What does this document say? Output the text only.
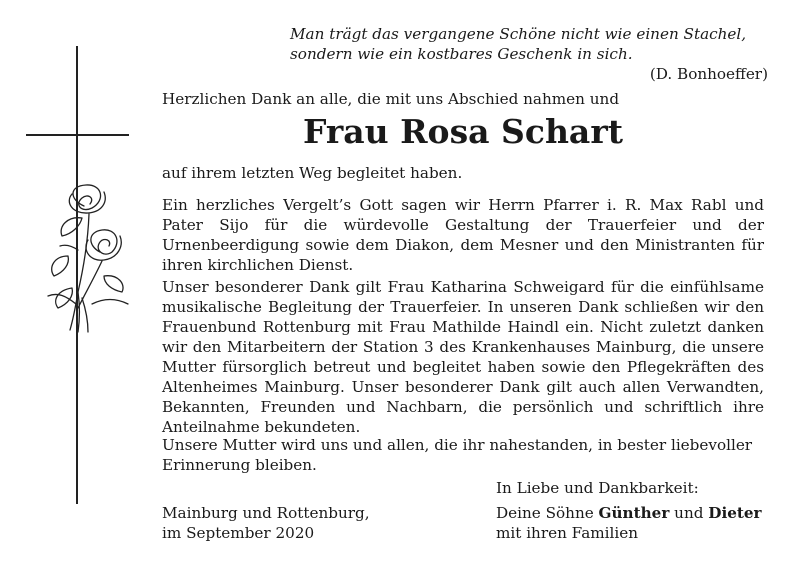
Man trägt das vergangene Schöne nicht wie einen Stachel,
sondern wie ein kostbares Geschenk in sich.
(D. Bonhoeffer)
Herzlichen Dank an alle, die mit uns Abschied nahmen und
Frau Rosa Schart
auf ihrem letzten Weg begleitet haben.
Ein herzliches Vergelt’s Gott sagen wir Herrn Pfarrer i. R. Max Rabl und Pater Sijo für die würdevolle Gestaltung der Trauerfeier und der Urnenbeerdigung sowie dem Diakon, dem Mesner und den Ministranten für ihren kirchlichen Dienst.
Unser besonderer Dank gilt Frau Katharina Schweigard für die einfühlsame musikalische Begleitung der Trauerfeier. In unseren Dank schließen wir den Frauenbund Rottenburg mit Frau Mathilde Haindl ein. Nicht zuletzt danken wir den Mitarbeitern der Station 3 des Krankenhauses Mainburg, die unsere Mutter fürsorglich betreut und begleitet haben sowie den Pflegekräften des Altenheimes Mainburg. Unser besonderer Dank gilt auch allen Verwandten, Bekannten, Freunden und Nachbarn, die persönlich und schriftlich ihre Anteilnahme bekundeten.
Unsere Mutter wird uns und allen, die ihr nahestanden, in bester liebevoller Erinnerung bleiben.
In Liebe und Dankbarkeit:
Deine Söhne Günther und Dieter
mit ihren Familien
Mainburg und Rottenburg,
im September 2020
